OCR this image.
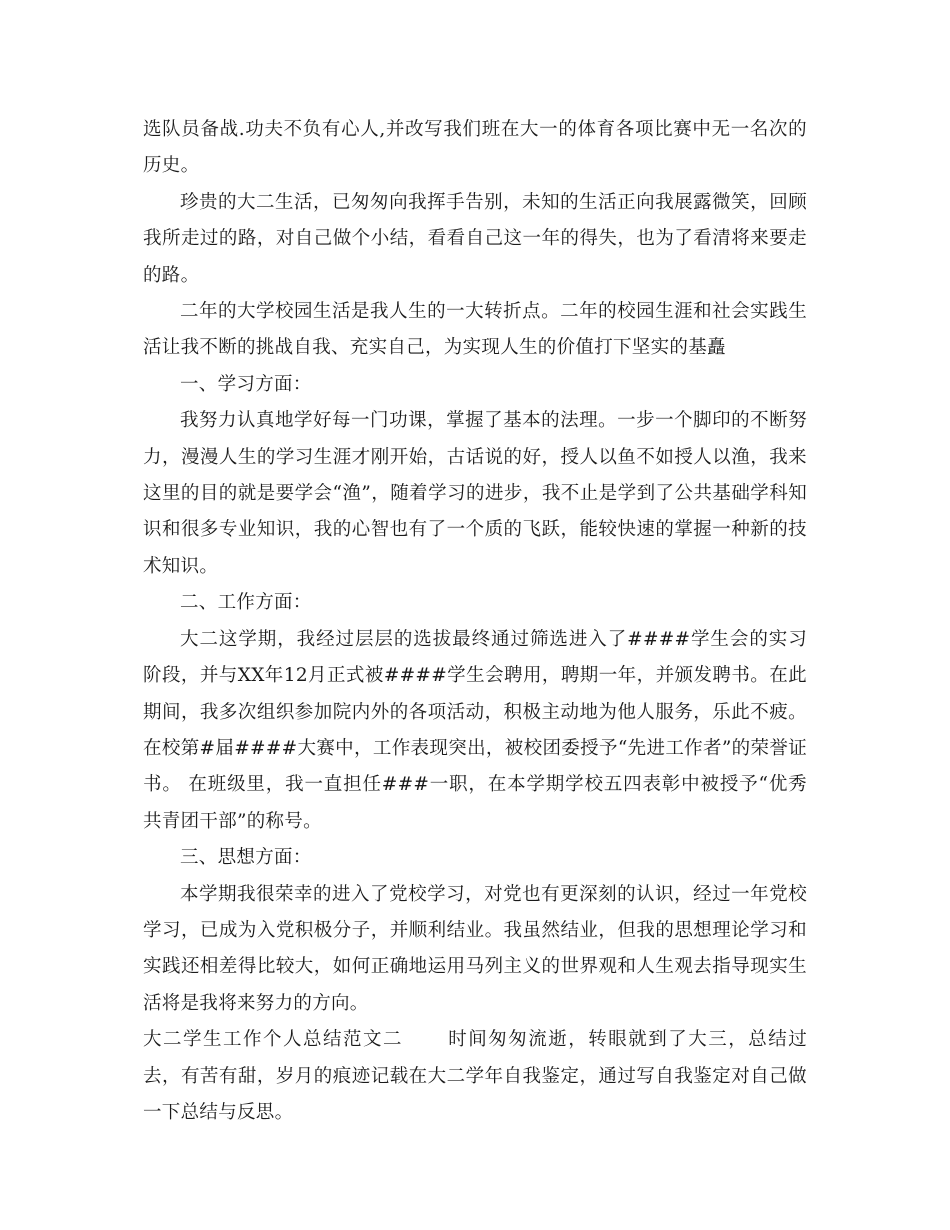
选队员备战.功夫不负有心人,并改写我们班在大一的体育各项比赛中无一名次的历史。

珍贵的大二生活，已匆匆向我挥手告别，未知的生活正向我展露微笑，回顾我所走过的路，对自己做个小结，看看自己这一年的得失，也为了看清将来要走的路。

二年的大学校园生活是我人生的一大转折点。二年的校园生涯和社会实践生活让我不断的挑战自我、充实自己，为实现人生的价值打下坚实的基矗

一、学习方面：

我努力认真地学好每一门功课，掌握了基本的法理。一步一个脚印的不断努力，漫漫人生的学习生涯才刚开始，古话说的好，授人以鱼不如授人以渔，我来这里的目的就是要学会“渔”，随着学习的进步，我不止是学到了公共基础学科知识和很多专业知识，我的心智也有了一个质的飞跃，能较快速的掌握一种新的技术知识。

二、工作方面：

大二这学期，我经过层层的选拔最终通过筛选进入了####学生会的实习阶段，并与XX年12月正式被####学生会聘用，聘期一年，并颁发聘书。在此期间，我多次组织参加院内外的各项活动，积极主动地为他人服务，乐此不疲。在校第#届####大赛中，工作表现突出，被校团委授予“先进工作者”的荣誉证书。 在班级里，我一直担任###一职，在本学期学校五四表彰中被授予“优秀共青团干部”的称号。

三、思想方面：

本学期我很荣幸的进入了党校学习，对党也有更深刻的认识，经过一年党校学习，已成为入党积极分子，并顺利结业。我虽然结业，但我的思想理论学习和实践还相差得比较大，如何正确地运用马列主义的世界观和人生观去指导现实生活将是我将来努力的方向。

大二学生工作个人总结范文二 时间匆匆流逝，转眼就到了大三，总结过去，有苦有甜，岁月的痕迹记载在大二学年自我鉴定，通过写自我鉴定对自己做一下总结与反思。
